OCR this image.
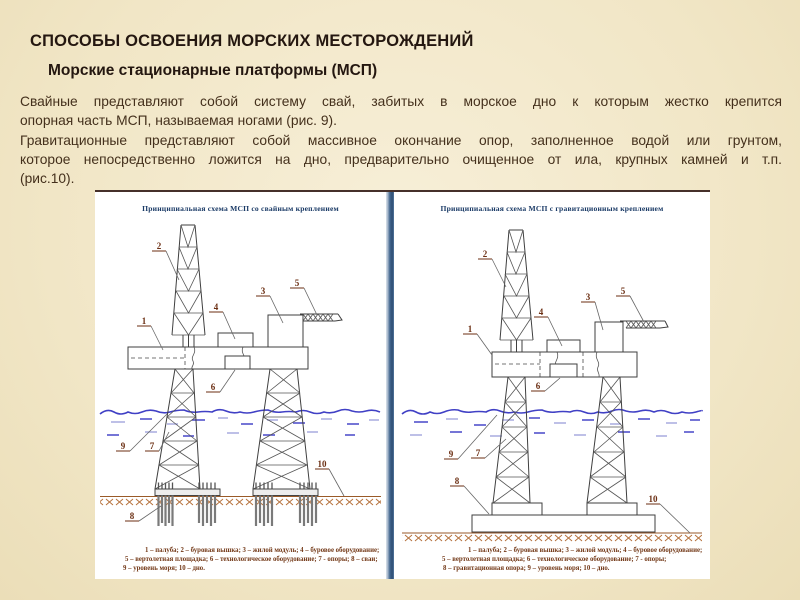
СПОСОБЫ ОСВОЕНИЯ МОРСКИХ МЕСТОРОЖДЕНИЙ
Морские стационарные платформы (МСП)
Свайные представляют собой систему свай, забитых в морское дно к которым жестко крепится
опорная часть МСП, называемая ногами (рис. 9).
Гравитационные представляют собой массивное окончание опор, заполненное водой или грунтом,
которое непосредственно ложится на дно, предварительно очищенное от ила, крупных камней и т.п.
(рис.10).
Принципиальная схема МСП со свайным креплением
1
2
3
4
5
6
7
8
9
10
1 – палуба; 2 – буровая вышка; 3 – жилой модуль; 4 – буровое оборудование;
5 – вертолетная площадка; 6 – технологическое оборудование; 7 - опоры; 8 – сваи;
9 – уровень моря; 10 – дно.
Принципиальная схема МСП с гравитационным креплением
1
2
3
4
5
6
7
8
9
10
1 – палуба; 2 – буровая вышка; 3 – жилой модуль; 4 – буровое оборудование;
5 – вертолетная площадка; 6 – технологическое оборудование; 7 - опоры;
8 – гравитационная опора; 9 – уровень моря; 10 – дно.
